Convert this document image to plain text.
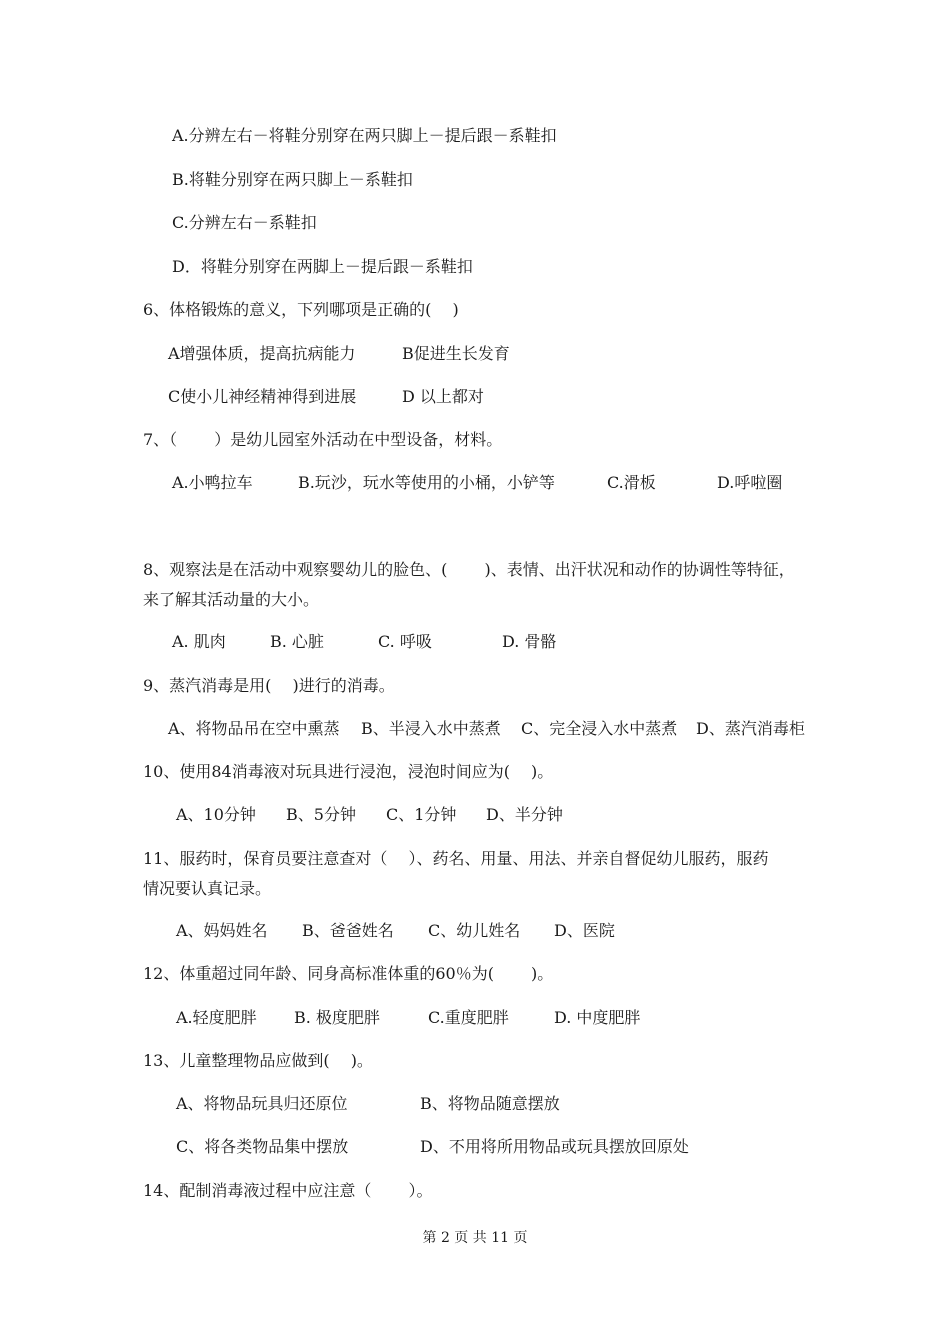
A.分辨左右－将鞋分别穿在两只脚上－提后跟－系鞋扣
B.将鞋分别穿在两只脚上－系鞋扣
C.分辨左右－系鞋扣
D．将鞋分别穿在两脚上－提后跟－系鞋扣
6、体格锻炼的意义，下列哪项是正确的(　 )
A增强体质，提高抗病能力	B促进生长发育
C使小儿神经精神得到进展	D 以上都对
7、（　　 ）是幼儿园室外活动在中型设备，材料。
A.小鸭拉车	B.玩沙，玩水等使用的小桶，小铲等	C.滑板	D.呼啦圈
8、观察法是在活动中观察婴幼儿的脸色、(　 　)、表情、出汗状况和动作的协调性等特征，
来了解其活动量的大小。
A. 肌肉	B. 心脏	C. 呼吸	D. 骨骼
9、蒸汽消毒是用(　 )进行的消毒。
A、将物品吊在空中熏蒸 B、半浸入水中蒸煮 C、完全浸入水中蒸煮 D、蒸汽消毒柜
10、使用84消毒液对玩具进行浸泡，浸泡时间应为(　 )。
A、10分钟 B、5分钟 C、1分钟 D、半分钟
11、服药时，保育员要注意查对（　 ）、药名、用量、用法、并亲自督促幼儿服药，服药
情况要认真记录。
A、妈妈姓名 B、爸爸姓名 C、幼儿姓名 D、医院
12、体重超过同年龄、同身高标准体重的60％为(　 　)。
A.轻度肥胖 B. 极度肥胖	C.重度肥胖	D. 中度肥胖
13、儿童整理物品应做到(　 )。
A、将物品玩具归还原位	B、将物品随意摆放
C、将各类物品集中摆放	D、不用将所用物品或玩具摆放回原处
14、配制消毒液过程中应注意（　　 ）。
第 2 页 共 11 页
